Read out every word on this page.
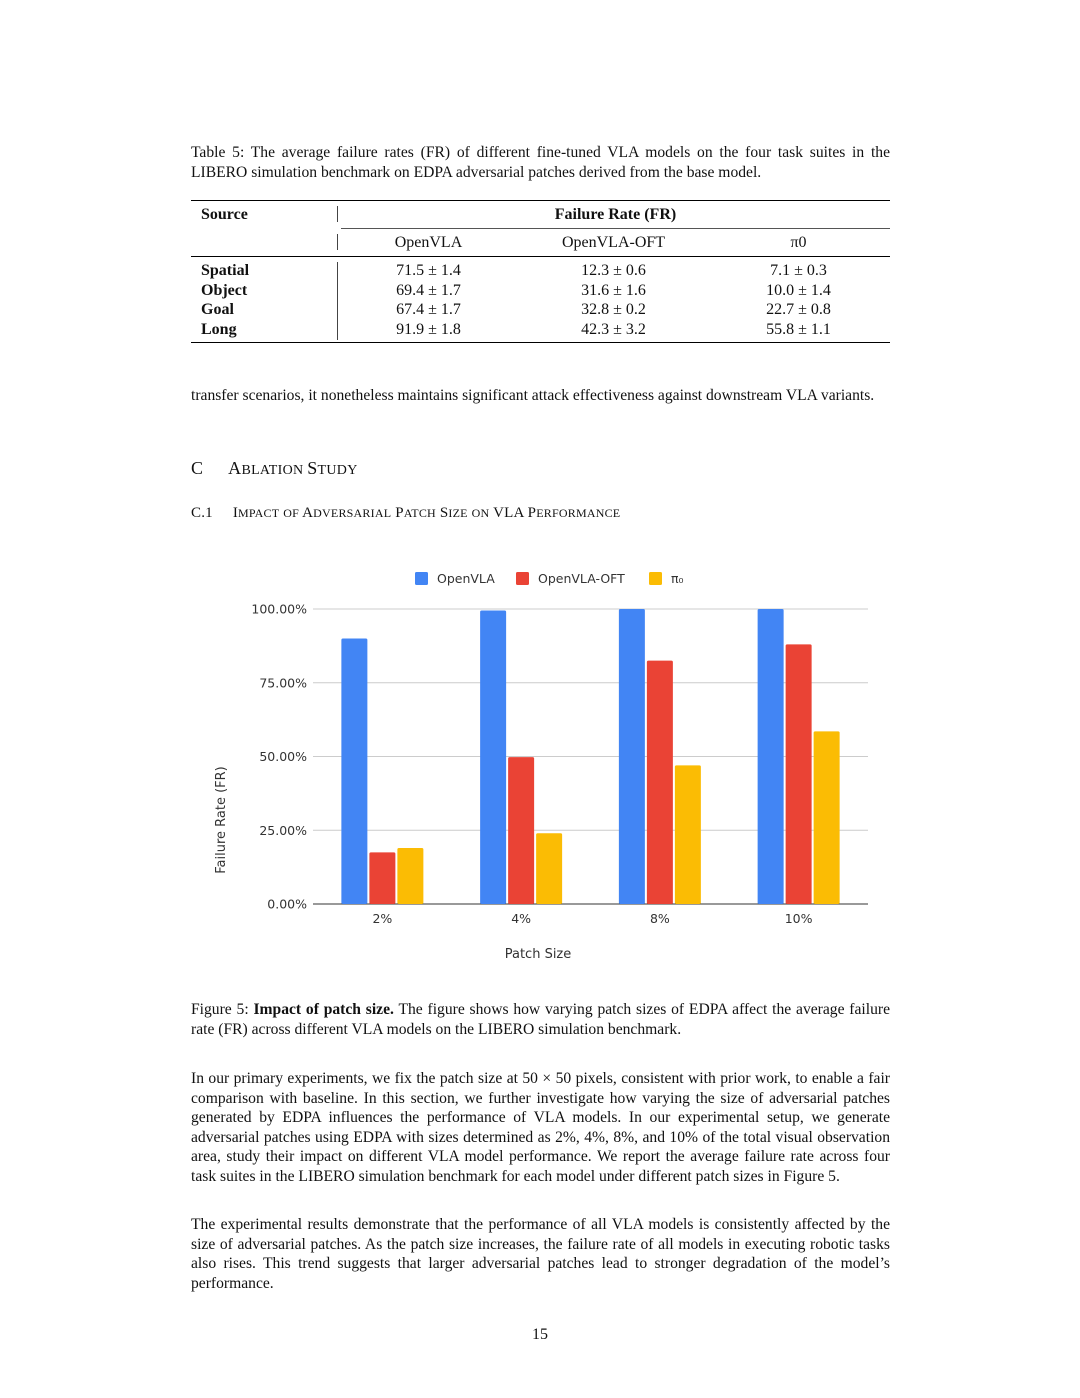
Table 5: The average failure rates (FR) of different fine-tuned VLA models on the four task suites in the LIBERO simulation benchmark on EDPA adversarial patches derived from the base model.
Source	Failure Rate (FR)
OpenVLA	OpenVLA-OFT	π0
Spatial	71.5 ± 1.4	12.3 ± 0.6	7.1 ± 0.3
Object	69.4 ± 1.7	31.6 ± 1.6	10.0 ± 1.4
Goal	67.4 ± 1.7	32.8 ± 0.2	22.7 ± 0.8
Long	91.9 ± 1.8	42.3 ± 3.2	55.8 ± 1.1
transfer scenarios, it nonetheless maintains significant attack effectiveness against downstream VLA variants.
C ABLATION STUDY
C.1 IMPACT OF ADVERSARIAL PATCH SIZE ON VLA PERFORMANCE
0.00%
25.00%
50.00%
75.00%
100.00%
2%	4%	8%	10%
OpenVLA	OpenVLA-OFT	π₀
Patch Size
Failure Rate (FR)
Figure 5: Impact of patch size. The figure shows how varying patch sizes of EDPA affect the average failure rate (FR) across different VLA models on the LIBERO simulation benchmark.
In our primary experiments, we fix the patch size at 50 × 50 pixels, consistent with prior work, to enable a fair comparison with baseline. In this section, we further investigate how varying the size of adversarial patches generated by EDPA influences the performance of VLA models. In our experimental setup, we generate adversarial patches using EDPA with sizes determined as 2%, 4%, 8%, and 10% of the total visual observation area, study their impact on different VLA model performance. We report the average failure rate across four task suites in the LIBERO simulation benchmark for each model under different patch sizes in Figure 5.
The experimental results demonstrate that the performance of all VLA models is consistently affected by the size of adversarial patches. As the patch size increases, the failure rate of all models in executing robotic tasks also rises. This trend suggests that larger adversarial patches lead to stronger degradation of the model’s performance.
15
